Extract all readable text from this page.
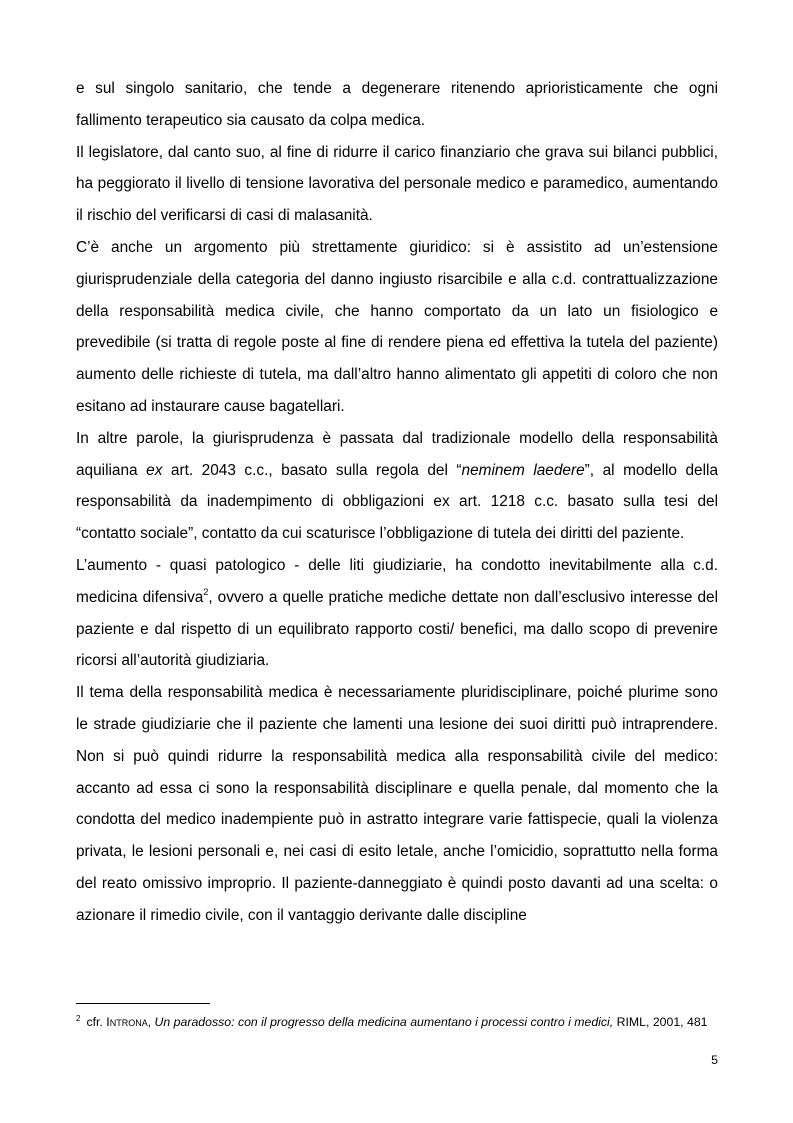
e sul singolo sanitario, che tende a degenerare ritenendo aprioristicamente che ogni fallimento terapeutico sia causato da colpa medica.

Il legislatore, dal canto suo, al fine di ridurre il carico finanziario che grava sui bilanci pubblici, ha peggiorato il livello di tensione lavorativa del personale medico e paramedico, aumentando il rischio del verificarsi di casi di malasanità.

C’è anche un argomento più strettamente giuridico: si è assistito ad un’estensione giurisprudenziale della categoria del danno ingiusto risarcibile e alla c.d. contrattualizzazione della responsabilità medica civile, che hanno comportato da un lato un fisiologico e prevedibile (si tratta di regole poste al fine di rendere piena ed effettiva la tutela del paziente) aumento delle richieste di tutela, ma dall’altro hanno alimentato gli appetiti di coloro che non esitano ad instaurare cause bagatellari.

In altre parole, la giurisprudenza è passata dal tradizionale modello della responsabilità aquiliana ex art. 2043 c.c., basato sulla regola del “neminem laedere”, al modello della responsabilità da inadempimento di obbligazioni ex art. 1218 c.c. basato sulla tesi del “contatto sociale”, contatto da cui scaturisce l’obbligazione di tutela dei diritti del paziente.

L’aumento - quasi patologico - delle liti giudiziarie, ha condotto inevitabilmente alla c.d. medicina difensiva$^2$, ovvero a quelle pratiche mediche dettate non dall’esclusivo interesse del paziente e dal rispetto di un equilibrato rapporto costi/ benefici, ma dallo scopo di prevenire ricorsi all’autorità giudiziaria.

Il tema della responsabilità medica è necessariamente pluridisciplinare, poiché plurime sono le strade giudiziarie che il paziente che lamenti una lesione dei suoi diritti può intraprendere. Non si può quindi ridurre la responsabilità medica alla responsabilità civile del medico: accanto ad essa ci sono la responsabilità disciplinare e quella penale, dal momento che la condotta del medico inadempiente può in astratto integrare varie fattispecie, quali la violenza privata, le lesioni personali e, nei casi di esito letale, anche l’omicidio, soprattutto nella forma del reato omissivo improprio. Il paziente-danneggiato è quindi posto davanti ad una scelta: o azionare il rimedio civile, con il vantaggio derivante dalle discipline

$^2$ cfr. Introna, Un paradosso: con il progresso della medicina aumentano i processi contro i medici, RIML, 2001, 481
5
